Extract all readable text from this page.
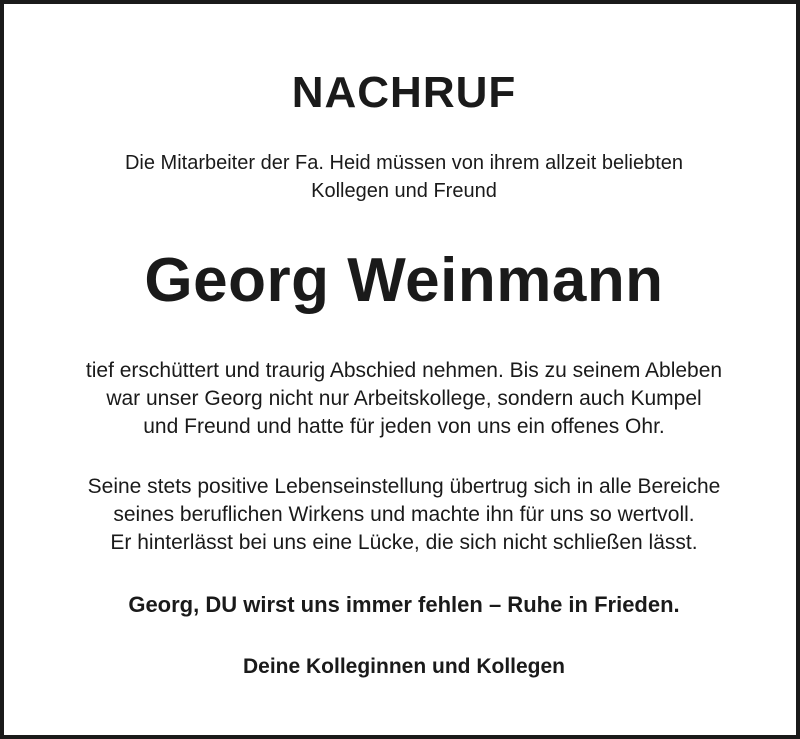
NACHRUF
Die Mitarbeiter der Fa. Heid müssen von ihrem allzeit beliebten
Kollegen und Freund
Georg Weinmann
tief erschüttert und traurig Abschied nehmen. Bis zu seinem Ableben
war unser Georg nicht nur Arbeitskollege, sondern auch Kumpel
und Freund und hatte für jeden von uns ein offenes Ohr.
Seine stets positive Lebenseinstellung übertrug sich in alle Bereiche
seines beruflichen Wirkens und machte ihn für uns so wertvoll.
Er hinterlässt bei uns eine Lücke, die sich nicht schließen lässt.
Georg, DU wirst uns immer fehlen – Ruhe in Frieden.
Deine Kolleginnen und Kollegen
